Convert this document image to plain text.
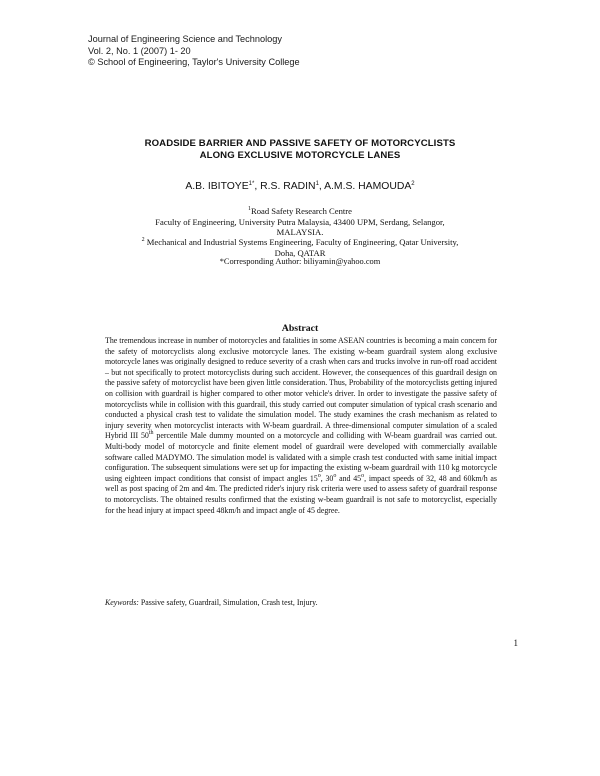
Journal of Engineering Science and Technology
Vol. 2, No. 1 (2007) 1- 20
© School of Engineering, Taylor's University College
ROADSIDE BARRIER AND PASSIVE SAFETY OF MOTORCYCLISTS
ALONG EXCLUSIVE MOTORCYCLE LANES
A.B. $IBITOYE^{1*}$, R.S. RADIN$^1$, A.M.S. HAMOUDA$^2$
$^1$Road Safety Research Centre
Faculty of Engineering, University Putra Malaysia, 43400 UPM, Serdang, Selangor,
MALAYSIA.
$^2$ Mechanical and Industrial Systems Engineering, Faculty of Engineering, Qatar University,
Doha, QATAR
*Corresponding Author: biliyamin@yahoo.com
Abstract

The tremendous increase in number of motorcycles and fatalities in some ASEAN countries is becoming a main concern for the safety of motorcyclists along exclusive motorcycle lanes. The existing w-beam guardrail system along exclusive motorcycle lanes was originally designed to reduce severity of a crash when cars and trucks involve in run-off road accident – but not specifically to protect motorcyclists during such accident. However, the consequences of this guardrail design on the passive safety of motorcyclist have been given little consideration. Thus, Probability of the motorcyclists getting injured on collision with guardrail is higher compared to other motor vehicle's driver. In order to investigate the passive safety of motorcyclists while in collision with this guardrail, this study carried out computer simulation of typical crash scenario and conducted a physical crash test to validate the simulation model. The study examines the crash mechanism as related to injury severity when motorcyclist interacts with W-beam guardrail. A three-dimensional computer simulation of a scaled Hybrid III 50th percentile Male dummy mounted on a motorcycle and colliding with W-beam guardrail was carried out. Multi-body model of motorcycle and finite element model of guardrail were developed with commercially available software called MADYMO. The simulation model is validated with a simple crash test conducted with same initial impact configuration. The subsequent simulations were set up for impacting the existing w-beam guardrail with 110 kg motorcycle using eighteen impact conditions that consist of impact angles 15$^o$, 30$^o$ and 45$^o$, impact speeds of 32, 48 and 60km/h as well as post spacing of 2m and 4m. The predicted rider's injury risk criteria were used to assess safety of guardrail response to motorcyclists. The obtained results confirmed that the existing w-beam guardrail is not safe to motorcyclist, especially for the head injury at impact speed 48km/h and impact angle of 45 degree.

Keywords: Passive safety, Guardrail, Simulation, Crash test, Injury.

1
